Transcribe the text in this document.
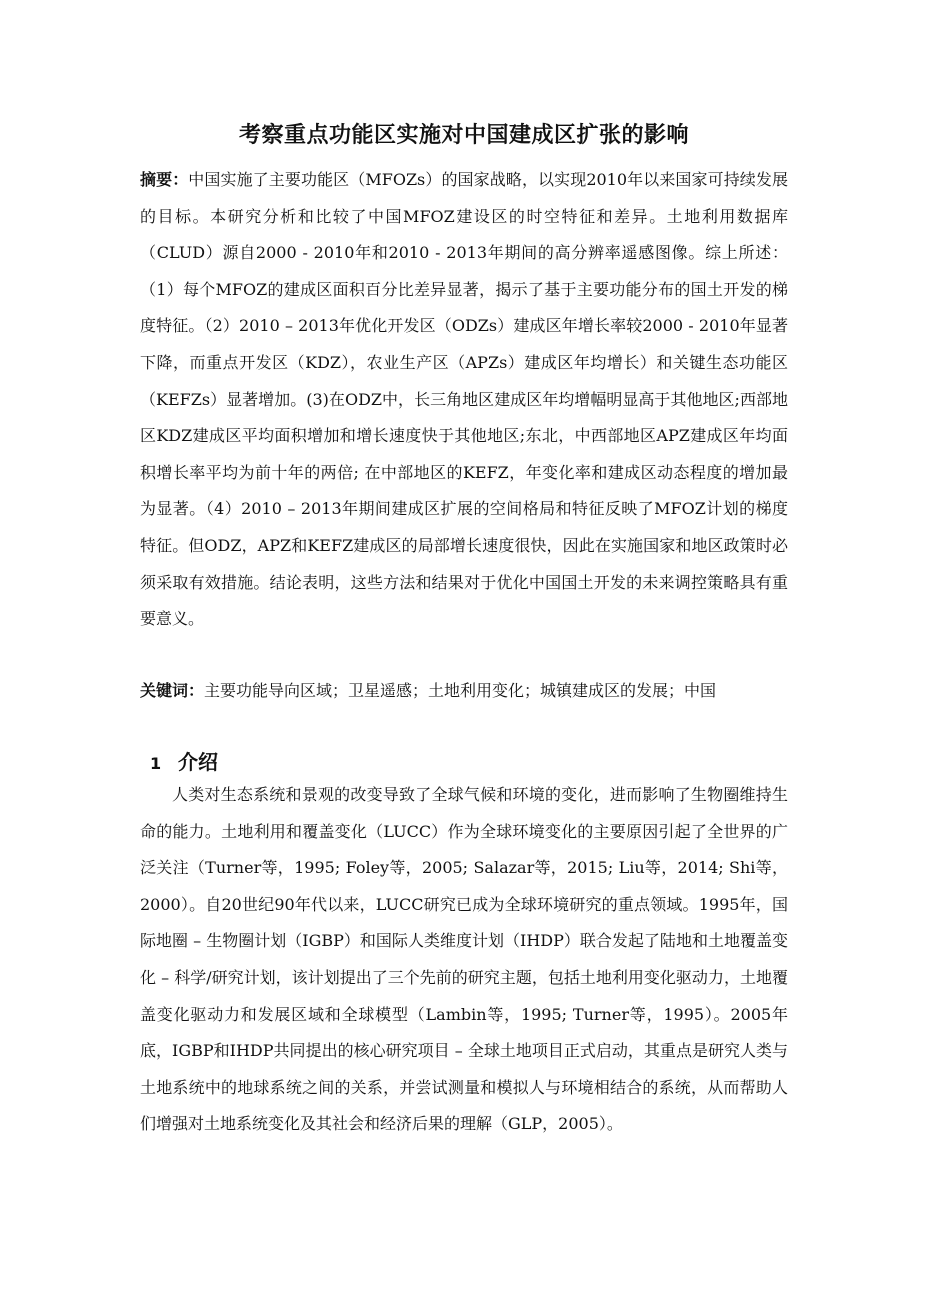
考察重点功能区实施对中国建成区扩张的影响
摘要：中国实施了主要功能区（MFOZs）的国家战略，以实现2010年以来国家可持续发展的目标。本研究分析和比较了中国MFOZ建设区的时空特征和差异。土地利用数据库（CLUD）源自2000 - 2010年和2010 - 2013年期间的高分辨率遥感图像。综上所述：（1）每个MFOZ的建成区面积百分比差异显著，揭示了基于主要功能分布的国土开发的梯度特征。（2）2010 – 2013年优化开发区（ODZs）建成区年增长率较2000 - 2010年显著下降，而重点开发区（KDZ），农业生产区（APZs）建成区年均增长）和关键生态功能区（KEFZs）显著增加。(3)在ODZ中，长三角地区建成区年均增幅明显高于其他地区;西部地区KDZ建成区平均面积增加和增长速度快于其他地区;东北，中西部地区APZ建成区年均面积增长率平均为前十年的两倍; 在中部地区的KEFZ，年变化率和建成区动态程度的增加最为显著。（4）2010 – 2013年期间建成区扩展的空间格局和特征反映了MFOZ计划的梯度特征。但ODZ，APZ和KEFZ建成区的局部增长速度很快，因此在实施国家和地区政策时必须采取有效措施。结论表明，这些方法和结果对于优化中国国土开发的未来调控策略具有重要意义。
关键词：主要功能导向区域；卫星遥感；土地利用变化；城镇建成区的发展；中国
1 介绍
人类对生态系统和景观的改变导致了全球气候和环境的变化，进而影响了生物圈维持生命的能力。土地利用和覆盖变化（LUCC）作为全球环境变化的主要原因引起了全世界的广泛关注（Turner等，1995; Foley等，2005; Salazar等，2015; Liu等，2014; Shi等，2000）。自20世纪90年代以来，LUCC研究已成为全球环境研究的重点领域。1995年，国际地圈 – 生物圈计划（IGBP）和国际人类维度计划（IHDP）联合发起了陆地和土地覆盖变化 – 科学/研究计划，该计划提出了三个先前的研究主题，包括土地利用变化驱动力，土地覆盖变化驱动力和发展区域和全球模型（Lambin等，1995; Turner等，1995）。2005年底，IGBP和IHDP共同提出的核心研究项目 – 全球土地项目正式启动，其重点是研究人类与土地系统中的地球系统之间的关系，并尝试测量和模拟人与环境相结合的系统，从而帮助人们增强对土地系统变化及其社会和经济后果的理解（GLP，2005）。
